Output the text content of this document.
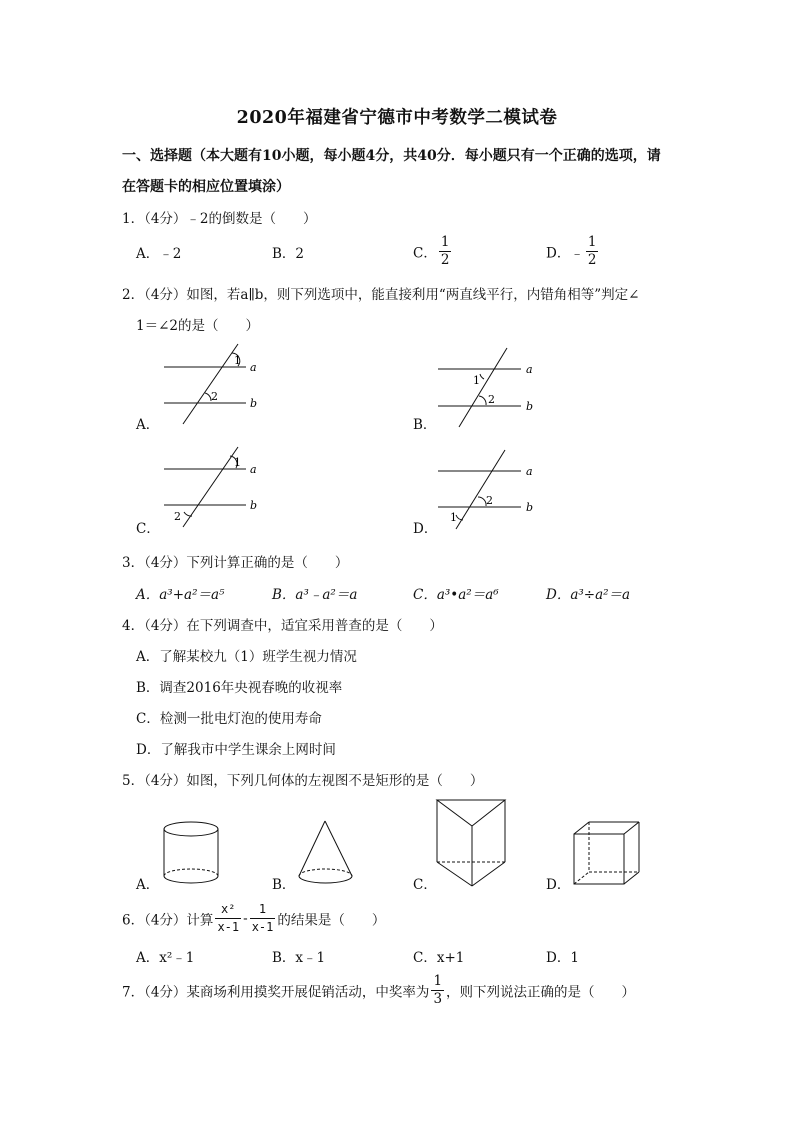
2020年福建省宁德市中考数学二模试卷
一、选择题（本大题有10小题，每小题4分，共40分．每小题只有一个正确的选项，请
在答题卡的相应位置填涂）
1．（4分）﹣2的倒数是（　　）
A．﹣2	B．2	C． $\frac{1}{2}$	D．﹣ $\frac{1}{2}$
2．（4分）如图，若a∥b，则下列选项中，能直接利用“两直线平行，内错角相等”判定∠
1＝∠2的是（　　）
A．	B．
C．	D．
1
2
a
b
1
2
a
b
1
2
a
b	2
1
a
b
3．（4分）下列计算正确的是（　　）
A．a³+a²＝a⁵	B．a³﹣a²＝a	C．a³•a²＝a⁶	D．a³÷a²＝a
4．（4分）在下列调查中，适宜采用普查的是（　　）
A．了解某校九（1）班学生视力情况
B．调查2016年央视春晚的收视率
C．检测一批电灯泡的使用寿命
D．了解我市中学生课余上网时间
5．（4分）如图，下列几何体的左视图不是矩形的是（　　）
A．	B．	C．	D．
6．（4分）计算 $\frac{\text{x²}}{x-1} - \frac{1}{x-1}$ 的结果是（　　）
A．x²﹣1	B．x﹣1	C．x+1	D．1
7．（4分）某商场利用摸奖开展促销活动，中奖率为 $\frac{1}{3}$ ，则下列说法正确的是（　　）
